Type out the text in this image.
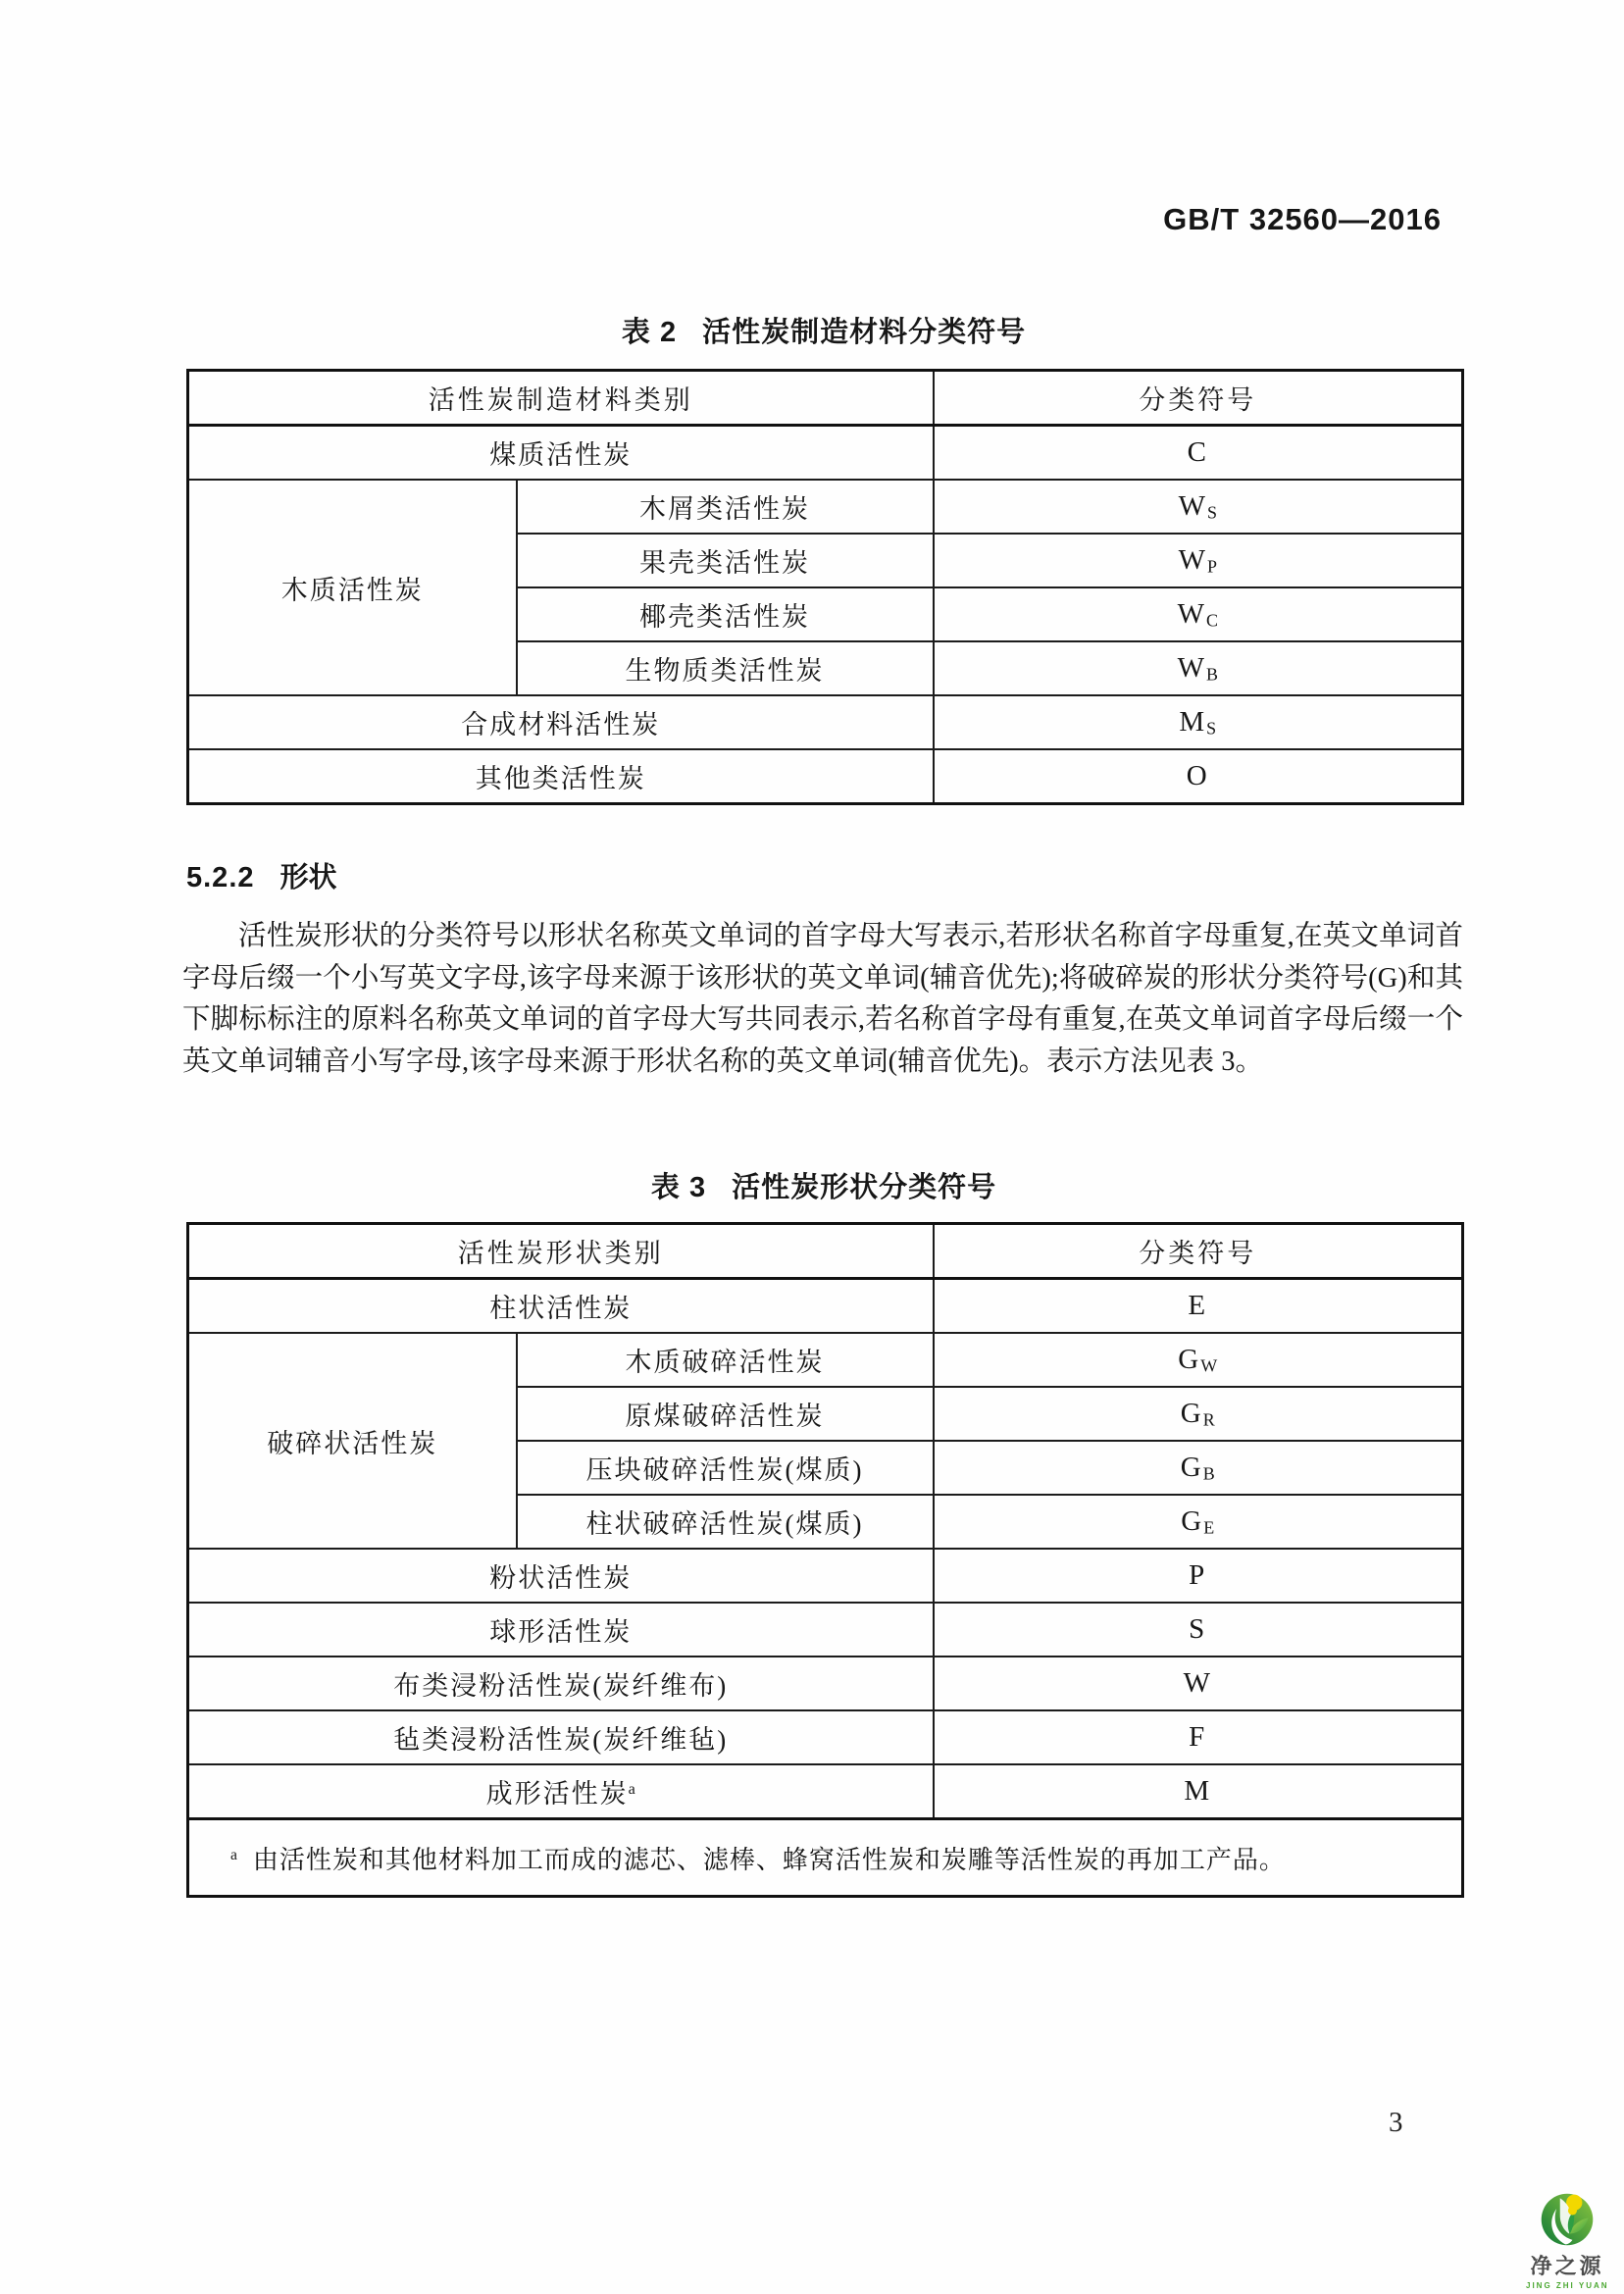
GB/T 32560—2016
表 2 活性炭制造材料分类符号
活性炭制造材料类别		分类符号
煤质活性炭		C
木质活性炭	木屑类活性炭	$W_S$
	果壳类活性炭	$W_P$
	椰壳类活性炭	$W_C$
	生物质类活性炭	$W_B$
合成材料活性炭		$M_S$
其他类活性炭		O
5.2.2 形状
活性炭形状的分类符号以形状名称英文单词的首字母大写表示,若形状名称首字母重复,在英文单词首字母后缀一个小写英文字母,该字母来源于该形状的英文单词(辅音优先);将破碎炭的形状分类符号(G)和其下脚标标注的原料名称英文单词的首字母大写共同表示,若名称首字母有重复,在英文单词首字母后缀一个英文单词辅音小写字母,该字母来源于形状名称的英文单词(辅音优先)。表示方法见表 3。
表 3 活性炭形状分类符号
活性炭形状类别		分类符号
柱状活性炭		E
破碎状活性炭	木质破碎活性炭	$G_W$
	原煤破碎活性炭	$G_R$
	压块破碎活性炭(煤质)	$G_B$
	柱状破碎活性炭(煤质)	$G_E$
粉状活性炭		P
球形活性炭		S
布类浸粉活性炭(炭纤维布)		W
毡类浸粉活性炭(炭纤维毡)		F
成形活性炭$^a$		M
$^a$ 由活性炭和其他材料加工而成的滤芯、滤棒、蜂窝活性炭和炭雕等活性炭的再加工产品。		
3
净之源
JING ZHI YUAN
